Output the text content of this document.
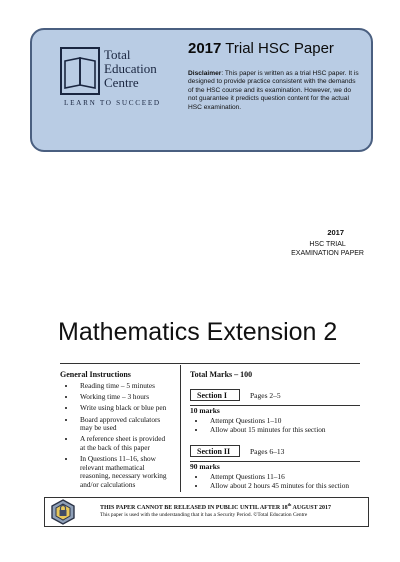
Total
Education
Centre
LEARN TO SUCCEED
2017 Trial HSC Paper
Disclaimer: This paper is written as a trial HSC paper. It is designed to provide practice consistent with the demands of the HSC course and its examination. However, we do not guarantee it predicts question content for the actual HSC examination.
2017
HSC TRIAL
EXAMINATION PAPER
Mathematics Extension 2
General Instructions
• Reading time – 5 minutes
• Working time – 3 hours
• Write using black or blue pen
• Board approved calculators may be used
• A reference sheet is provided at the back of this paper
• In Questions 11–16, show relevant mathematical reasoning, necessary working and/or calculations
Total Marks – 100
Section I	Pages 2–5
10 marks
• Attempt Questions 1–10
• Allow about 15 minutes for this section
Section II	Pages 6–13
90 marks
• Attempt Questions 11–16
• Allow about 2 hours 45 minutes for this section
THIS PAPER CANNOT BE RELEASED IN PUBLIC UNTIL AFTER 18th AUGUST 2017
This paper is used with the understanding that it has a Security Period. ©Total Education Centre
